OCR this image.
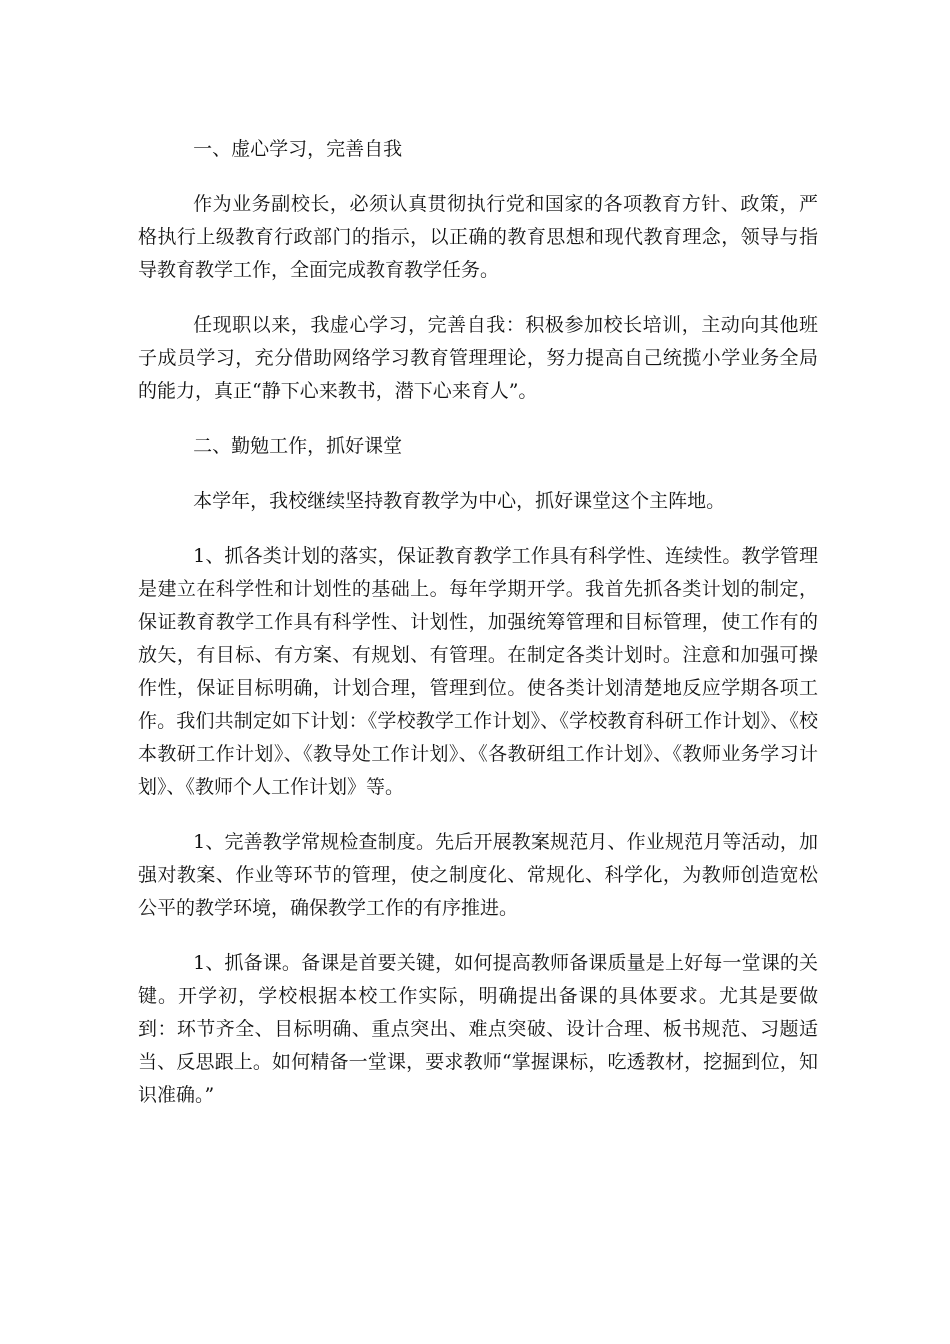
一、虚心学习，完善自我

作为业务副校长，必须认真贯彻执行党和国家的各项教育方针、政策，严格执行上级教育行政部门的指示，以正确的教育思想和现代教育理念，领导与指导教育教学工作，全面完成教育教学任务。

任现职以来，我虚心学习，完善自我：积极参加校长培训，主动向其他班子成员学习，充分借助网络学习教育管理理论，努力提高自己统揽小学业务全局的能力，真正“静下心来教书，潜下心来育人”。

二、勤勉工作，抓好课堂

本学年，我校继续坚持教育教学为中心，抓好课堂这个主阵地。

1、抓各类计划的落实，保证教育教学工作具有科学性、连续性。教学管理是建立在科学性和计划性的基础上。每年学期开学。我首先抓各类计划的制定，保证教育教学工作具有科学性、计划性，加强统筹管理和目标管理，使工作有的放矢，有目标、有方案、有规划、有管理。在制定各类计划时。注意和加强可操作性，保证目标明确，计划合理，管理到位。使各类计划清楚地反应学期各项工作。我们共制定如下计划：《学校教学工作计划》、《学校教育科研工作计划》、《校本教研工作计划》、《教导处工作计划》、《各教研组工作计划》、《教师业务学习计划》、《教师个人工作计划》等。

1、完善教学常规检查制度。先后开展教案规范月、作业规范月等活动，加强对教案、作业等环节的管理，使之制度化、常规化、科学化，为教师创造宽松公平的教学环境，确保教学工作的有序推进。

1、抓备课。备课是首要关键，如何提高教师备课质量是上好每一堂课的关键。开学初，学校根据本校工作实际，明确提出备课的具体要求。尤其是要做到：环节齐全、目标明确、重点突出、难点突破、设计合理、板书规范、习题适当、反思跟上。如何精备一堂课，要求教师“掌握课标，吃透教材，挖掘到位，知识准确。”
